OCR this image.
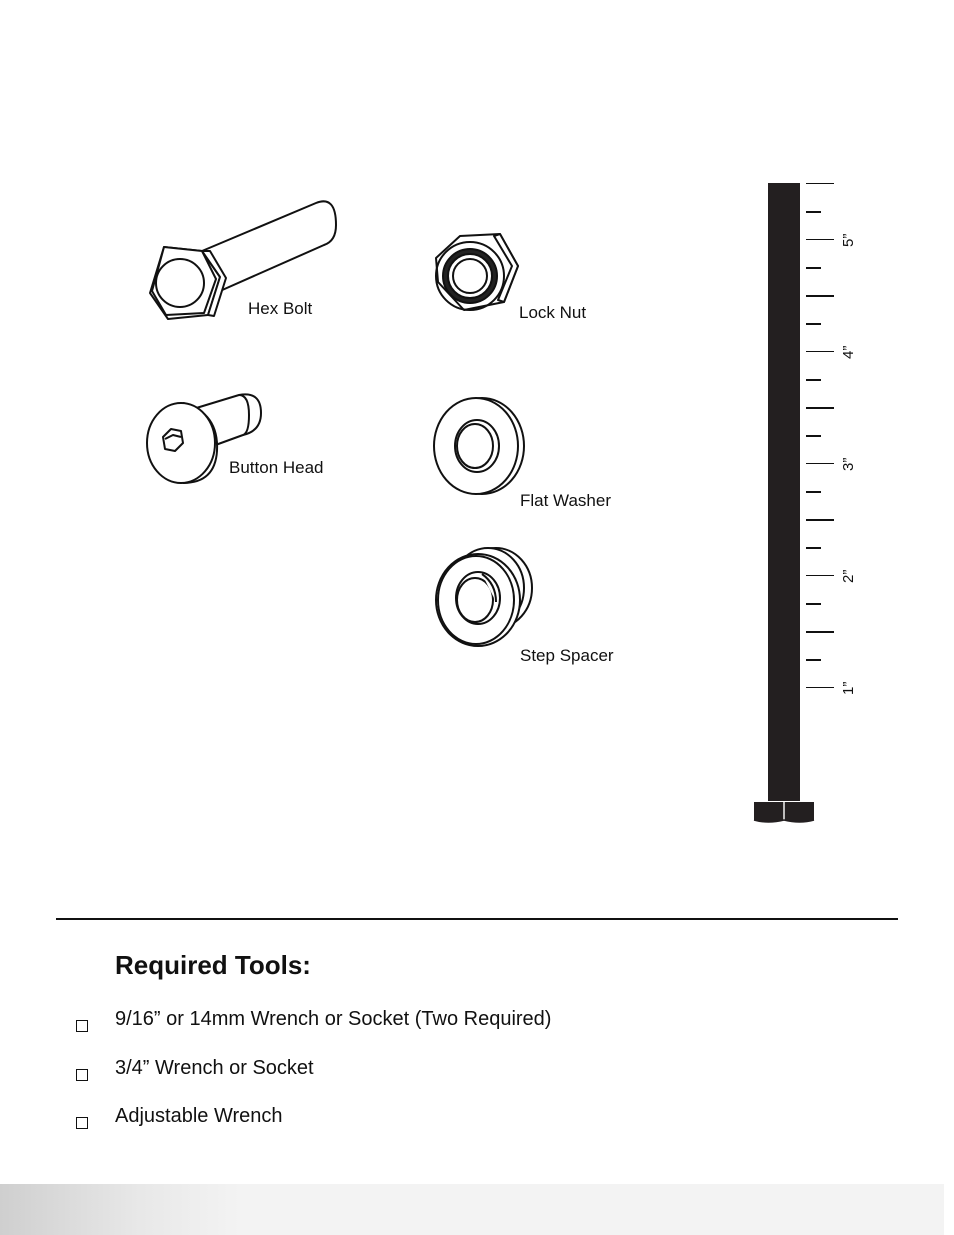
Hex Bolt	Lock Nut
Button Head
Flat Washer
Step Spacer
5”
4”
3”
2”
1”
Required Tools:
9/16” or 14mm Wrench or Socket (Two Required)
3/4” Wrench or Socket
Adjustable Wrench
